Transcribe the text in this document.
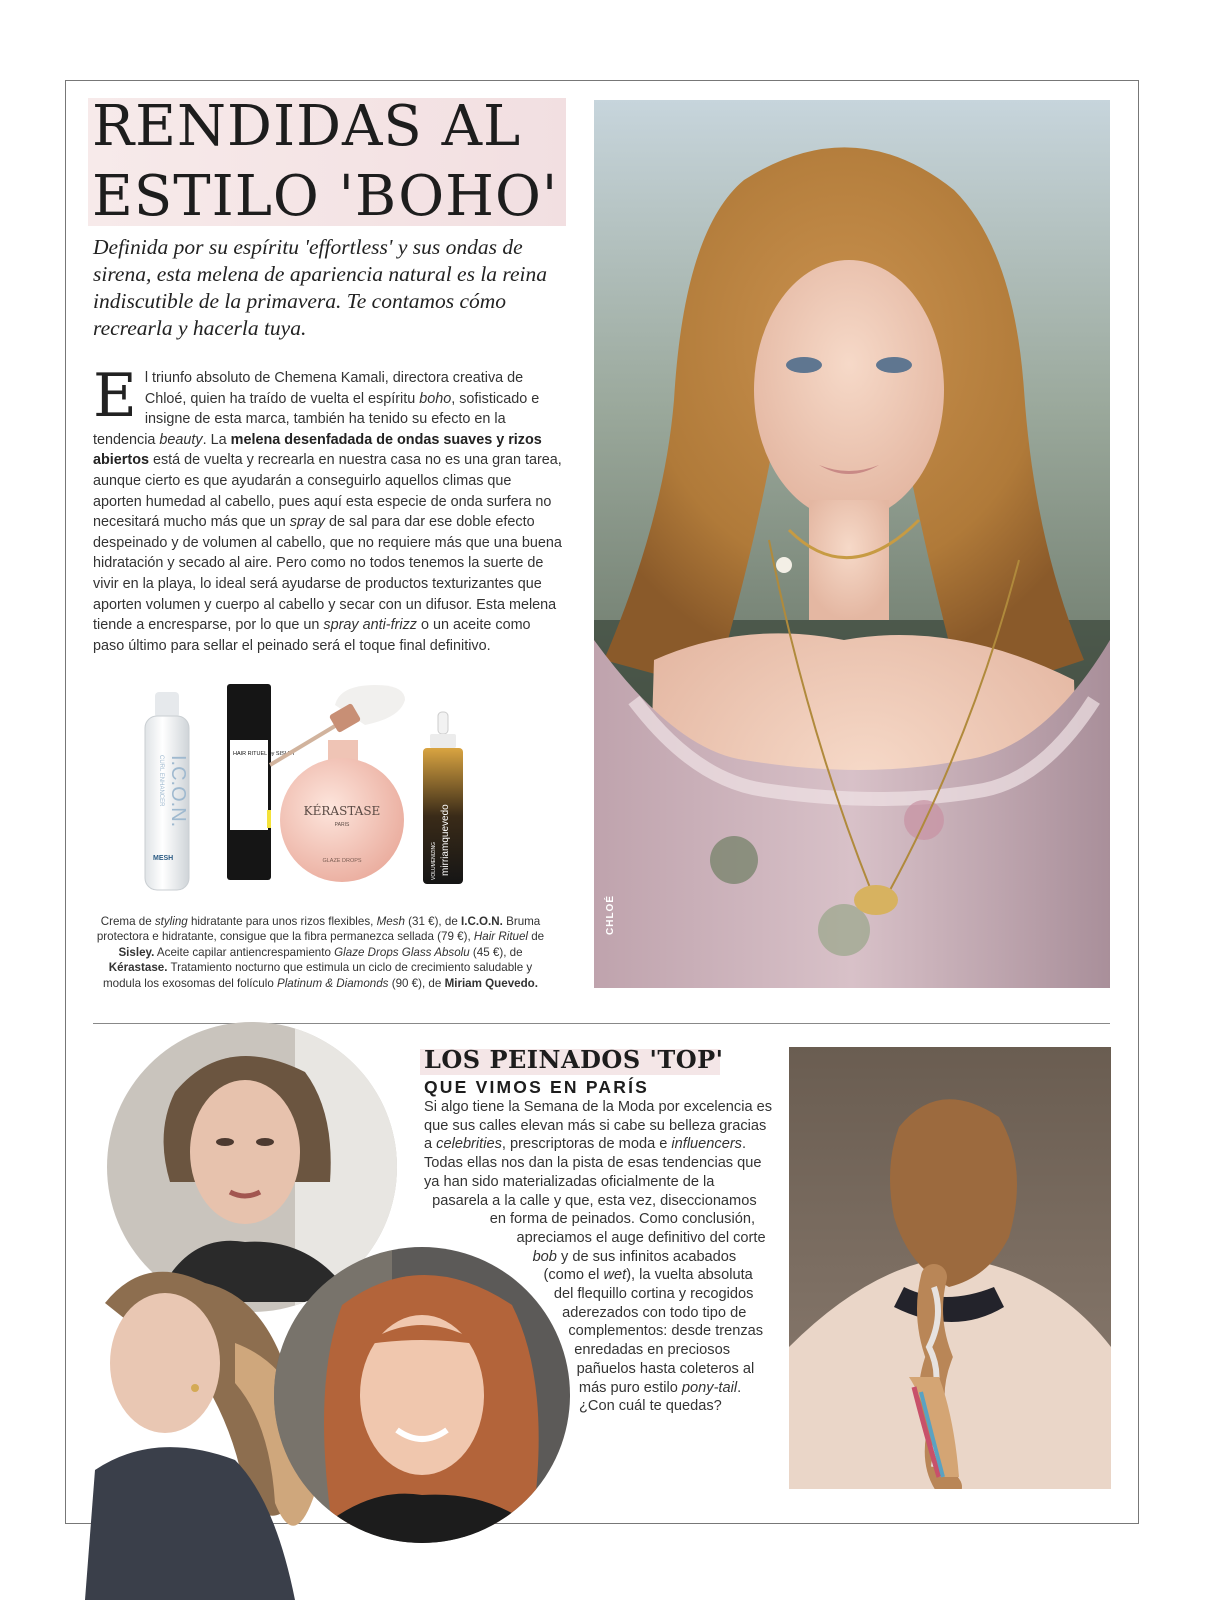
RENDIDAS AL ESTILO 'BOHO'

Definida por su espíritu 'effortless' y sus ondas de sirena, esta melena de apariencia natural es la reina indiscutible de la primavera. Te contamos cómo recrearla y hacerla tuya.

El triunfo absoluto de Chemena Kamali, directora creativa de Chloé, quien ha traído de vuelta el espíritu boho, sofisticado e insigne de esta marca, también ha tenido su efecto en la tendencia beauty. La melena desenfadada de ondas suaves y rizos abiertos está de vuelta y recrearla en nuestra casa no es una gran tarea, aunque cierto es que ayudarán a conseguirlo aquellos climas que aporten humedad al cabello, pues aquí esta especie de onda surfera no necesitará mucho más que un spray de sal para dar ese doble efecto despeinado y de volumen al cabello, que no requiere más que una buena hidratación y secado al aire. Pero como no todos tenemos la suerte de vivir en la playa, lo ideal será ayudarse de productos texturizantes que aporten volumen y cuerpo al cabello y secar con un difusor. Esta melena tiende a encresparse, por lo que un spray anti-frizz o un aceite como paso último para sellar el peinado será el toque final definitivo.

I.C.O.N.
CURL ENHANCER
MESH
HAIR RITUEL by SISLEY
KÉRASTASE
PARIS
GLAZE DROPS	mirriamquevedo
VOLUMENIZING

Crema de styling hidratante para unos rizos flexibles, Mesh (31 €), de I.C.O.N. Bruma protectora e hidratante, consigue que la fibra permanezca sellada (79 €), Hair Rituel de Sisley. Aceite capilar antiencrespamiento Glaze Drops Glass Absolu (45 €), de Kérastase. Tratamiento nocturno que estimula un ciclo de crecimiento saludable y modula los exosomas del folículo Platinum & Diamonds (90 €), de Miriam Quevedo.

CHLOÉ
LOS PEINADOS 'TOP'
QUE VIMOS EN PARÍS
Si algo tiene la Semana de la Moda por excelencia es que sus calles elevan más si cabe su belleza gracias a celebrities, prescriptoras de moda e influencers. Todas ellas nos dan la pista de esas tendencias que ya han sido materializadas oficialmente de la pasarela a la calle y que, esta vez, diseccionamos en forma de peinados. Como conclusión, apreciamos el auge definitivo del corte bob y de sus infinitos acabados (como el wet), la vuelta absoluta del flequillo cortina y recogidos aderezados con todo tipo de complementos: desde trenzas enredadas en preciosos pañuelos hasta coleteros al más puro estilo pony-tail. ¿Con cuál te quedas?
